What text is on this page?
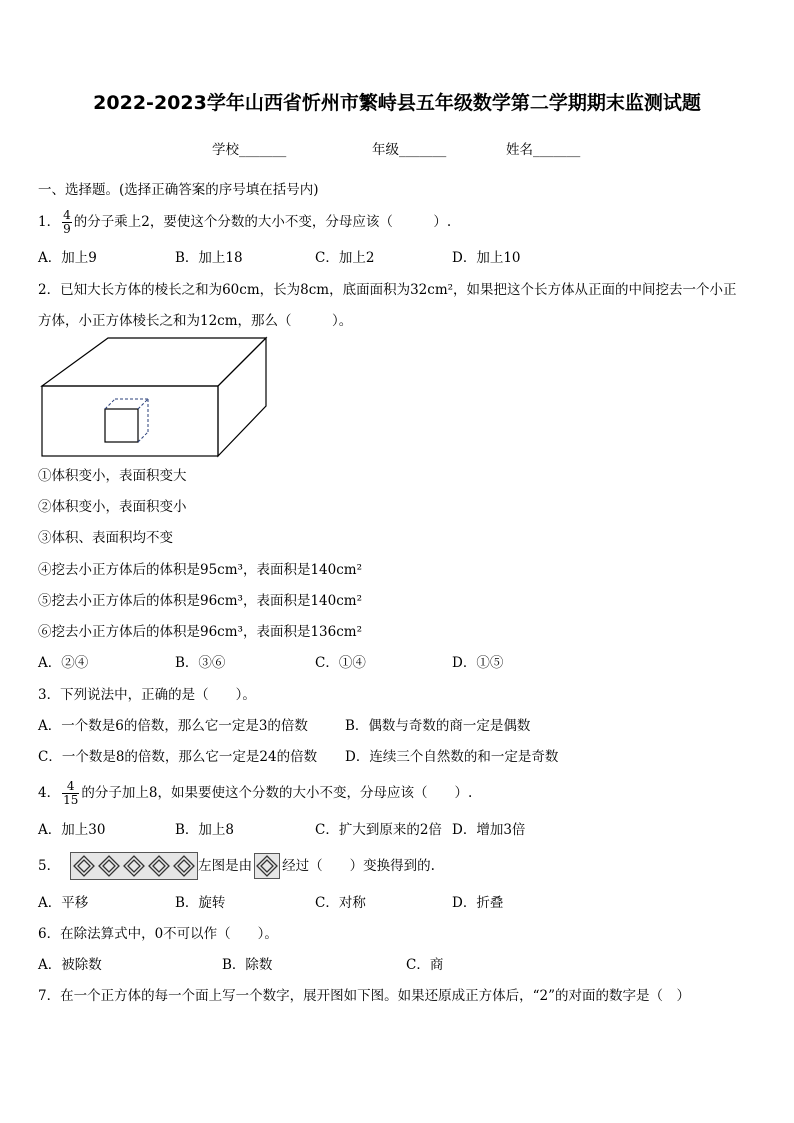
2022-2023学年山西省忻州市繁峙县五年级数学第二学期期末监测试题
学校_______	年级_______	姓名_______
一、选择题。(选择正确答案的序号填在括号内)
1． $\frac{4}{9}$ 的分子乘上2，要使这个分数的大小不变，分母应该（　　　）.
A．加上9	B．加上18	C．加上2	D．加上10
2．已知大长方体的棱长之和为60cm，长为8cm，底面面积为32cm²，如果把这个长方体从正面的中间挖去一个小正
方体，小正方体棱长之和为12cm，那么（　　　）。
①体积变小，表面积变大
②体积变小，表面积变小
③体积、表面积均不变
④挖去小正方体后的体积是95cm³，表面积是140cm²
⑤挖去小正方体后的体积是96cm³，表面积是140cm²
⑥挖去小正方体后的体积是96cm³，表面积是136cm²
A．②④	B．③⑥	C．①④	D．①⑤
3．下列说法中，正确的是（　　）。
A．一个数是6的倍数，那么它一定是3的倍数	B．偶数与奇数的商一定是偶数
C．一个数是8的倍数，那么它一定是24的倍数 D．连续三个自然数的和一定是奇数
4． $\frac{4}{15}$ 的分子加上8，如果要使这个分数的大小不变，分母应该（　　）.
A．加上30	B．加上8	C．扩大到原来的2倍 D．增加3倍
5．	左图是由 经过（　　）变换得到的.
A．平移	B．旋转	C．对称	D．折叠
6．在除法算式中，0不可以作（　　）。
A．被除数	B．除数	C．商
7．在一个正方体的每一个面上写一个数字，展开图如下图。如果还原成正方体后，“2”的对面的数字是（　）
